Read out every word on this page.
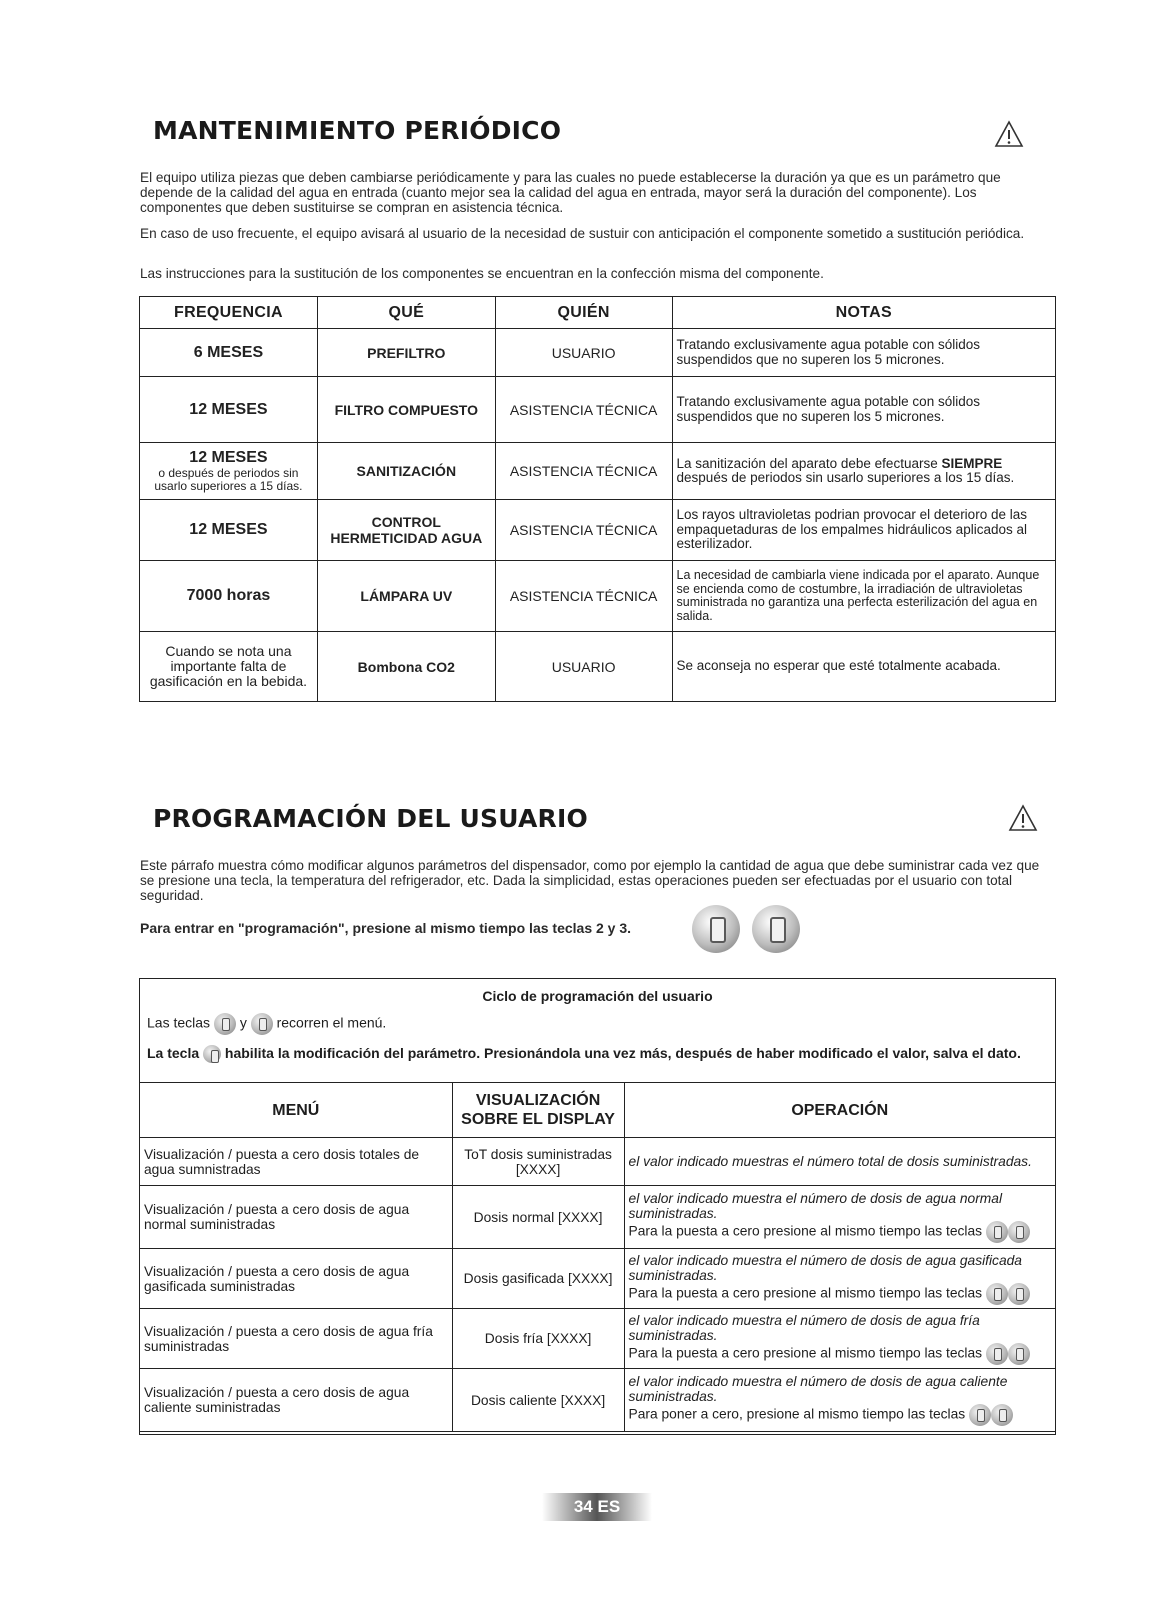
MANTENIMIENTO PERIÓDICO

El equipo utiliza piezas que deben cambiarse periódicamente y para las cuales no puede establecerse la duración ya que es un parámetro que depende de la calidad del agua en entrada (cuanto mejor sea la calidad del agua en entrada, mayor será la duración del componente). Los componentes que deben sustituirse se compran en asistencia técnica.

En caso de uso frecuente, el equipo avisará al usuario de la necesidad de sustuir con anticipación el componente sometido a sustitución periódica.

Las instrucciones para la sustitución de los componentes se encuentran en la confección misma del componente.

FREQUENCIA	QUÉ	QUIÉN	NOTAS
6 MESES	PREFILTRO	USUARIO	Tratando exclusivamente agua potable con sólidos suspendidos que no superen los 5 micrones.
12 MESES	FILTRO COMPUESTO	ASISTENCIA TÉCNICA	Tratando exclusivamente agua potable con sólidos suspendidos que no superen los 5 micrones.
12 MESES
o después de periodos sin usarlo superiores a 15 días.	SANITIZACIÓN	ASISTENCIA TÉCNICA	La sanitización del aparato debe efectuarse SIEMPRE después de periodos sin usarlo superiores a los 15 días.
12 MESES	CONTROL HERMETICIDAD AGUA	ASISTENCIA TÉCNICA	Los rayos ultravioletas podrian provocar el deterioro de las empaquetaduras de los empalmes hidráulicos aplicados al esterilizador.
7000 horas	LÁMPARA UV	ASISTENCIA TÉCNICA	La necesidad de cambiarla viene indicada por el aparato. Aunque se encienda como de costumbre, la irradiación de ultravioletas suministrada no garantiza una perfecta esterilización del agua en salida.
Cuando se nota una importante falta de gasificación en la bebida.	Bombona CO2	USUARIO	Se aconseja no esperar que esté totalmente acabada.
PROGRAMACIÓN DEL USUARIO

Este párrafo muestra cómo modificar algunos parámetros del dispensador, como por ejemplo la cantidad de agua que debe suministrar cada vez que se presione una tecla, la temperatura del refrigerador, etc. Dada la simplicidad, estas operaciones pueden ser efectuadas por el usuario con total seguridad.

Para entrar en "programación", presione al mismo tiempo las teclas 2 y 3.

Ciclo de programación del usuario
Las teclas y recorren el menú.
La tecla habilita la modificación del parámetro. Presionándola una vez más, después de haber modificado el valor, salva el dato.
MENÚ	VISUALIZACIÓN SOBRE EL DISPLAY	OPERACIÓN
Visualización / puesta a cero dosis totales de agua sumnistradas	ToT dosis suministradas [XXXX]	el valor indicado muestras el número total de dosis suministradas.
Visualización / puesta a cero dosis de agua normal suministradas	Dosis normal [XXXX]	el valor indicado muestra el número de dosis de agua normal suministradas.
Para la puesta a cero presione al mismo tiempo las teclas
Visualización / puesta a cero dosis de agua gasificada suministradas	Dosis gasificada [XXXX]	el valor indicado muestra el número de dosis de agua gasificada suministradas.
Para la puesta a cero presione al mismo tiempo las teclas
Visualización / puesta a cero dosis de agua fría suministradas	Dosis fría [XXXX]	el valor indicado muestra el número de dosis de agua fría suministradas.
Para la puesta a cero presione al mismo tiempo las teclas
Visualización / puesta a cero dosis de agua caliente suministradas	Dosis caliente [XXXX]	el valor indicado muestra el número de dosis de agua caliente suministradas.
Para poner a cero, presione al mismo tiempo las teclas
34 ES
